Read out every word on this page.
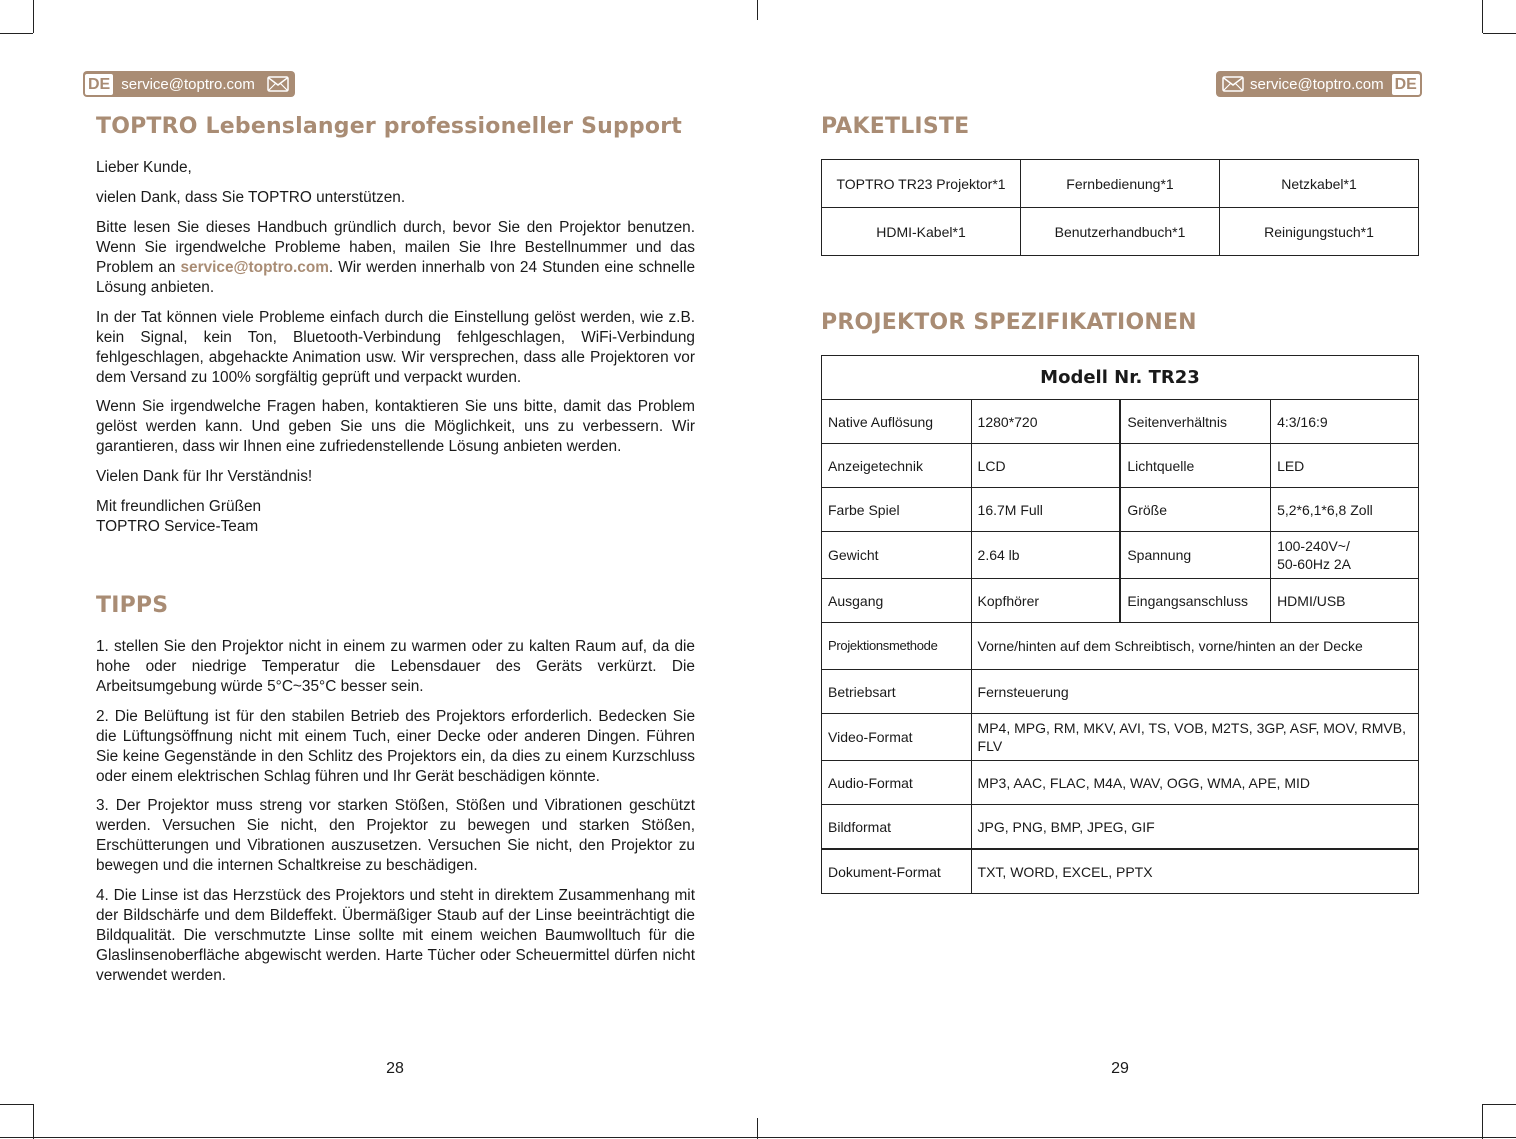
DE service@toptro.com
TOPTRO Lebenslanger professioneller Support

Lieber Kunde,

vielen Dank, dass Sie TOPTRO unterstützen.

Bitte lesen Sie dieses Handbuch gründlich durch, bevor Sie den Projektor benutzen. Wenn Sie irgendwelche Probleme haben, mailen Sie Ihre Bestellnummer und das Problem an service@toptro.com. Wir werden innerhalb von 24 Stunden eine schnelle Lösung anbieten.

In der Tat können viele Probleme einfach durch die Einstellung gelöst werden, wie z.B. kein Signal, kein Ton, Bluetooth-Verbindung fehlgeschlagen, WiFi-Verbindung fehlgeschlagen, abgehackte Animation usw. Wir versprechen, dass alle Projektoren vor dem Versand zu 100% sorgfältig geprüft und verpackt wurden.

Wenn Sie irgendwelche Fragen haben, kontaktieren Sie uns bitte, damit das Problem gelöst werden kann. Und geben Sie uns die Möglichkeit, uns zu verbessern. Wir garantieren, dass wir Ihnen eine zufriedenstellende Lösung anbieten werden.

Vielen Dank für Ihr Verständnis!

Mit freundlichen Grüßen

TOPTRO Service-Team

TIPPS

1. stellen Sie den Projektor nicht in einem zu warmen oder zu kalten Raum auf, da die hohe oder niedrige Temperatur die Lebensdauer des Geräts verkürzt. Die Arbeitsumgebung würde 5°C~35°C besser sein.

2. Die Belüftung ist für den stabilen Betrieb des Projektors erforderlich. Bedecken Sie die Lüftungsöffnung nicht mit einem Tuch, einer Decke oder anderen Dingen. Führen Sie keine Gegenstände in den Schlitz des Projektors ein, da dies zu einem Kurzschluss oder einem elektrischen Schlag führen und Ihr Gerät beschädigen könnte.

3. Der Projektor muss streng vor starken Stößen, Stößen und Vibrationen geschützt werden. Versuchen Sie nicht, den Projektor zu bewegen und starken Stößen, Erschütterungen und Vibrationen auszusetzen. Versuchen Sie nicht, den Projektor zu bewegen und die internen Schaltkreise zu beschädigen.

4. Die Linse ist das Herzstück des Projektors und steht in direktem Zusammenhang mit der Bildschärfe und dem Bildeffekt. Übermäßiger Staub auf der Linse beeinträchtigt die Bildqualität. Die verschmutzte Linse sollte mit einem weichen Baumwolltuch für die Glaslinsenoberfläche abgewischt werden. Harte Tücher oder Scheuermittel dürfen nicht verwendet werden.

28
service@toptro.com DE
PAKETLISTE
TOPTRO TR23 Projektor*1	Fernbedienung*1	Netzkabel*1
HDMI-Kabel*1	Benutzerhandbuch*1	Reinigungstuch*1
PROJEKTOR SPEZIFIKATIONEN
Modell Nr. TR23			
Native Auflösung	1280*720	Seitenverhältnis	4:3/16:9
Anzeigetechnik	LCD	Lichtquelle	LED
Farbe Spiel	16.7M Full	Größe	5,2*6,1*6,8 Zoll
Gewicht	2.64 lb	Spannung	100-240V~/
50-60Hz 2A
Ausgang	Kopfhörer	Eingangsanschluss	HDMI/USB
Projektionsmethode	Vorne/hinten auf dem Schreibtisch, vorne/hinten an der Decke		
Betriebsart	Fernsteuerung		
Video-Format	MP4, MPG, RM, MKV, AVI, TS, VOB, M2TS, 3GP, ASF, MOV, RMVB, FLV		
Audio-Format	MP3, AAC, FLAC, M4A, WAV, OGG, WMA, APE, MID		
Bildformat	JPG, PNG, BMP, JPEG, GIF		
Dokument-Format	TXT, WORD, EXCEL, PPTX		
29
